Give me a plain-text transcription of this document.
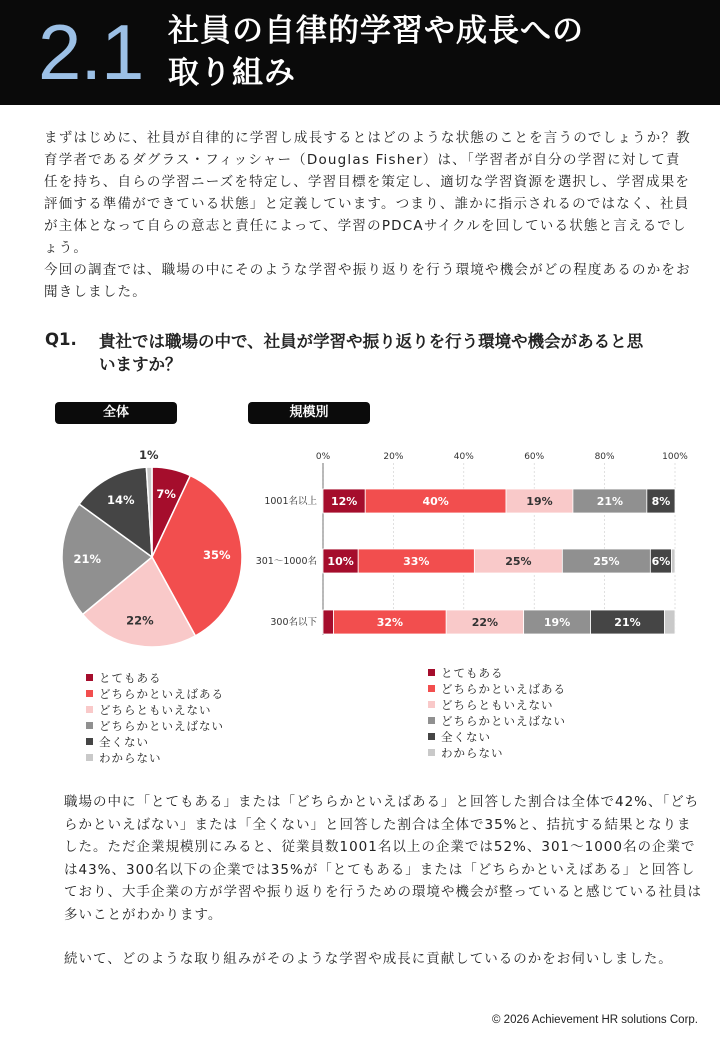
2.1 社員の自律的学習や成長への
取り組み

まずはじめに、社員が自律的に学習し成長するとはどのような状態のことを言うのでしょうか？教育学者であるダグラス・フィッシャー（Douglas Fisher）は、「学習者が自分の学習に対して責任を持ち、自らの学習ニーズを特定し、学習目標を策定し、適切な学習資源を選択し、学習成果を評価する準備ができている状態」と定義しています。つまり、誰かに指示されるのではなく、社員が主体となって自らの意志と責任によって、学習のPDCAサイクルを回している状態と言えるでしょう。

今回の調査では、職場の中にそのような学習や振り返りを行う環境や機会がどの程度あるのかをお聞きしました。

Q1. 貴社では職場の中で、社員が学習や振り返りを行う環境や機会があると思いますか？
全体	規模別
7%
35%
22%
21%
14%
1%	0%	20%	40%	60%	80%	100%
1001名以上 12%	40%	19%	21%	8%
301～1000名 10%	33%	25%	25%	6%
300名以下	32%	22%	19%	21%
とてもある
どちらかといえばある
どちらともいえない
どちらかといえばない
全くない
わからない
とてもある
どちらかといえばある
どちらともいえない
どちらかといえばない
全くない
わからない

職場の中に「とてもある」または「どちらかといえばある」と回答した割合は全体で42%、「どちらかといえばない」または「全くない」と回答した割合は全体で35%と、拮抗する結果となりました。ただ企業規模別にみると、従業員数1001名以上の企業では52%、301～1000名の企業では43%、300名以下の企業では35%が「とてもある」または「どちらかといえばある」と回答しており、大手企業の方が学習や振り返りを行うための環境や機会が整っていると感じている社員は多いことがわかります。

続いて、どのような取り組みがそのような学習や成長に貢献しているのかをお伺いしました。

© 2026 Achievement HR solutions Corp.
